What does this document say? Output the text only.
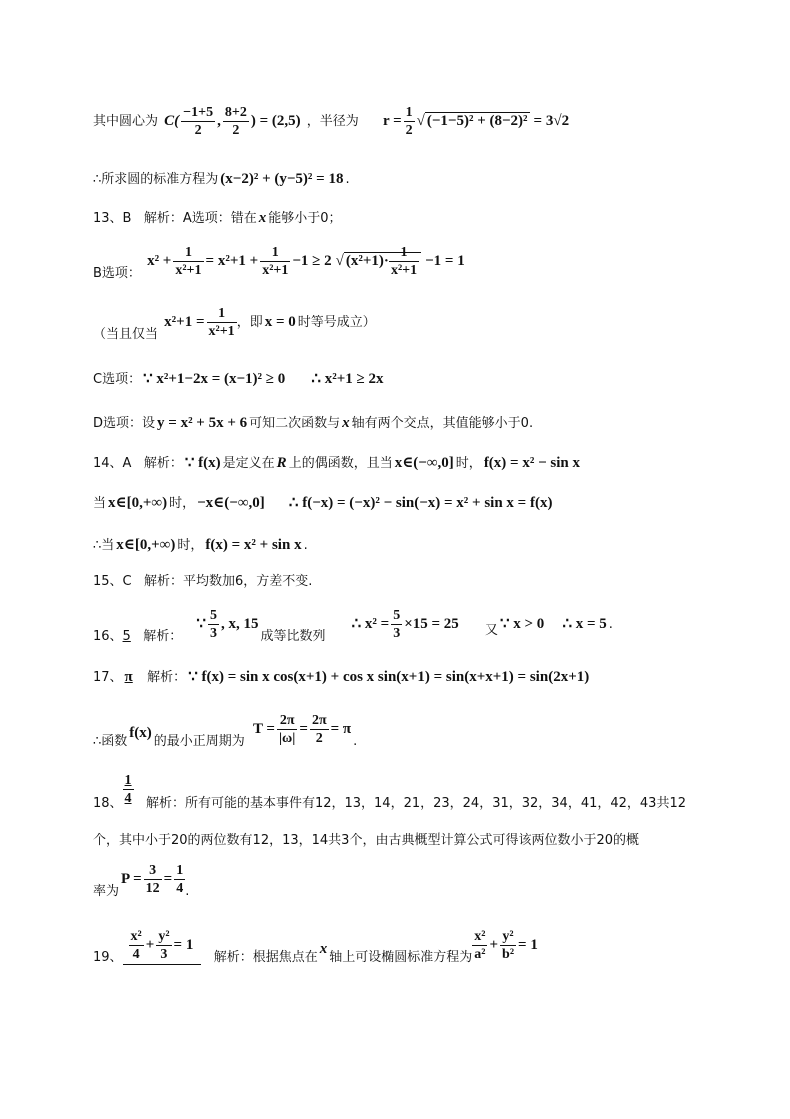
其中圆心为 $C( \frac{-1+5}{2}$ , $\frac{8+2}{2}$ ) = (2,5) ，半径为 $r = \frac{1}{2}$ √ (−1−5)² + (8−2)² = 3√2
∴所求圆的标准方程为 (x−2)² + (y−5)² = 18 .
13、B 解析：A选项：错在 x 能够小于0；
B选项： $x^2 + \frac{1}{\text{x²+1}} = x^2+1 + \frac{1}{\text{x²+1}} -1 \ge 2$ √ $(x^2+1)\cdot \frac{1}{\text{x²+1}} -1 = 1$
（当且仅当 $x^2+1 = \frac{1}{\text{x²+1}}$ ，即 x = 0 时等号成立）
C选项： ∵ x²+1−2x = (x−1)² ≥ 0 ∴ x²+1 ≥ 2x
D选项：设 y = x² + 5x + 6 可知二次函数与 x 轴有两个交点，其值能够小于0.
14、A 解析： ∵ f(x) 是定义在 R 上的偶函数，且当 x∈(−∞,0] 时， f(x) = x² − sin x
当 x∈[0,+∞) 时， −x∈(−∞,0] ∴ f(−x) = (−x)² − sin(−x) = x² + sin x = f(x)
∴当 x∈[0,+∞) 时， f(x) = x² + sin x .
15、C 解析：平均数加6，方差不变.
16、5 解析： ∵ $\frac{5}{3}$ , x, 15成等比数列 ∴ $x^2 = \frac{5}{3} \times 15 = 25$ 又 ∵ x > 0 ∴ x = 5 .
17、 π 解析： ∵ f(x) = sin x cos(x+1) + cos x sin(x+1) = sin(x+x+1) = sin(2x+1)
∴函数f(x)的最小正周期为 $T = \frac{2\pi}{|\omega|} = \frac{2\pi}{2} = \pi$.
18、 $\frac{1}{4}$ 解析：所有可能的基本事件有12，13，14，21，23，24，31，32，34，41，42，43共12
个，其中小于20的两位数有12，13，14共3个，由古典概型计算公式可得该两位数小于20的概
率为$P = \frac{3}{12} = \frac{1}{4}$ .
19、 $\frac{\text{x²}}{4} + \frac{\text{y²}}{3} = 1$   解析：根据焦点在x轴上可设椭圆标准方程为 $\frac{\text{x²}}{\text{a²}} + \frac{\text{y²}}{\text{b²}} = 1$
